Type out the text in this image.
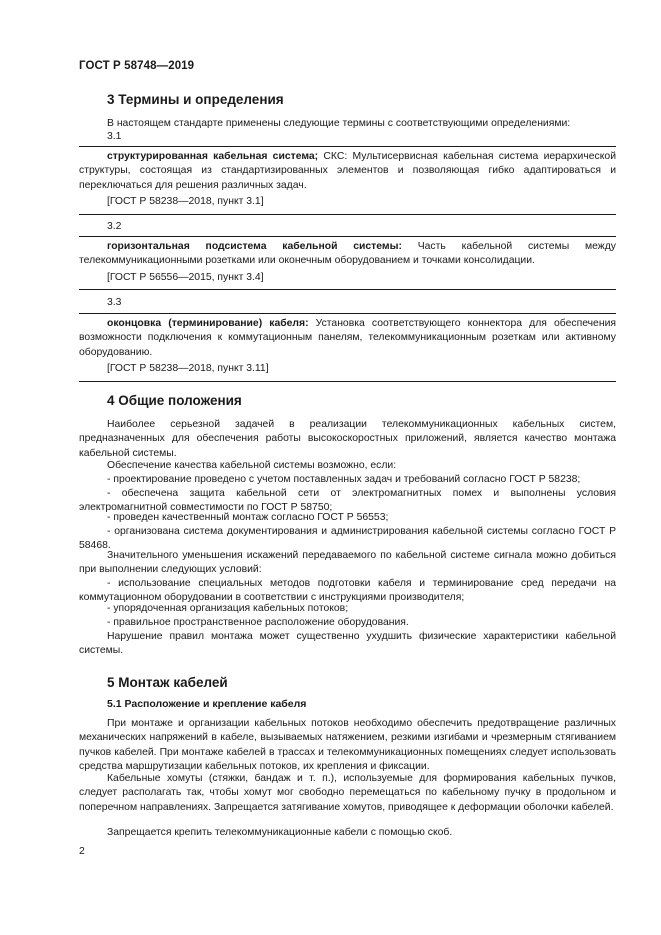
ГОСТ Р 58748—2019
3 Термины и определения

В настоящем стандарте применены следующие термины с соответствующими определениями:

3.1

структурированная кабельная система; СКС: Мультисервисная кабельная система иерархической структуры, состоящая из стандартизированных элементов и позволяющая гибко адаптироваться и переключаться для решения различных задач.

[ГОСТ Р 58238—2018, пункт 3.1]
3.2

горизонтальная подсистема кабельной системы: Часть кабельной системы между телекоммуникационными розетками или оконечным оборудованием и точками консолидации.

[ГОСТ Р 56556—2015, пункт 3.4]
3.3

оконцовка (терминирование) кабеля: Установка соответствующего коннектора для обеспечения возможности подключения к коммутационным панелям, телекоммуникационным розеткам или активному оборудованию.

[ГОСТ Р 58238—2018, пункт 3.11]
4 Общие положения

Наиболее серьезной задачей в реализации телекоммуникационных кабельных систем, предназначенных для обеспечения работы высокоскоростных приложений, является качество монтажа кабельной системы.

Обеспечение качества кабельной системы возможно, если:

- проектирование проведено с учетом поставленных задач и требований согласно ГОСТ Р 58238;

- обеспечена защита кабельной сети от электромагнитных помех и выполнены условия электромагнитной совместимости по ГОСТ Р 58750;

- проведен качественный монтаж согласно ГОСТ Р 56553;

- организована система документирования и администрирования кабельной системы согласно ГОСТ Р 58468.

Значительного уменьшения искажений передаваемого по кабельной системе сигнала можно добиться при выполнении следующих условий:

- использование специальных методов подготовки кабеля и терминирование сред передачи на коммутационном оборудовании в соответствии с инструкциями производителя;

- упорядоченная организация кабельных потоков;

- правильное пространственное расположение оборудования.

Нарушение правил монтажа может существенно ухудшить физические характеристики кабельной системы.

5 Монтаж кабелей
5.1 Расположение и крепление кабеля

При монтаже и организации кабельных потоков необходимо обеспечить предотвращение различных механических напряжений в кабеле, вызываемых натяжением, резкими изгибами и чрезмерным стягиванием пучков кабелей. При монтаже кабелей в трассах и телекоммуникационных помещениях следует использовать средства маршрутизации кабельных потоков, их крепления и фиксации.

Кабельные хомуты (стяжки, бандаж и т. п.), используемые для формирования кабельных пучков, следует располагать так, чтобы хомут мог свободно перемещаться по кабельному пучку в продольном и поперечном направлениях. Запрещается затягивание хомутов, приводящее к деформации оболочки кабелей.

Запрещается крепить телекоммуникационные кабели с помощью скоб.

2
